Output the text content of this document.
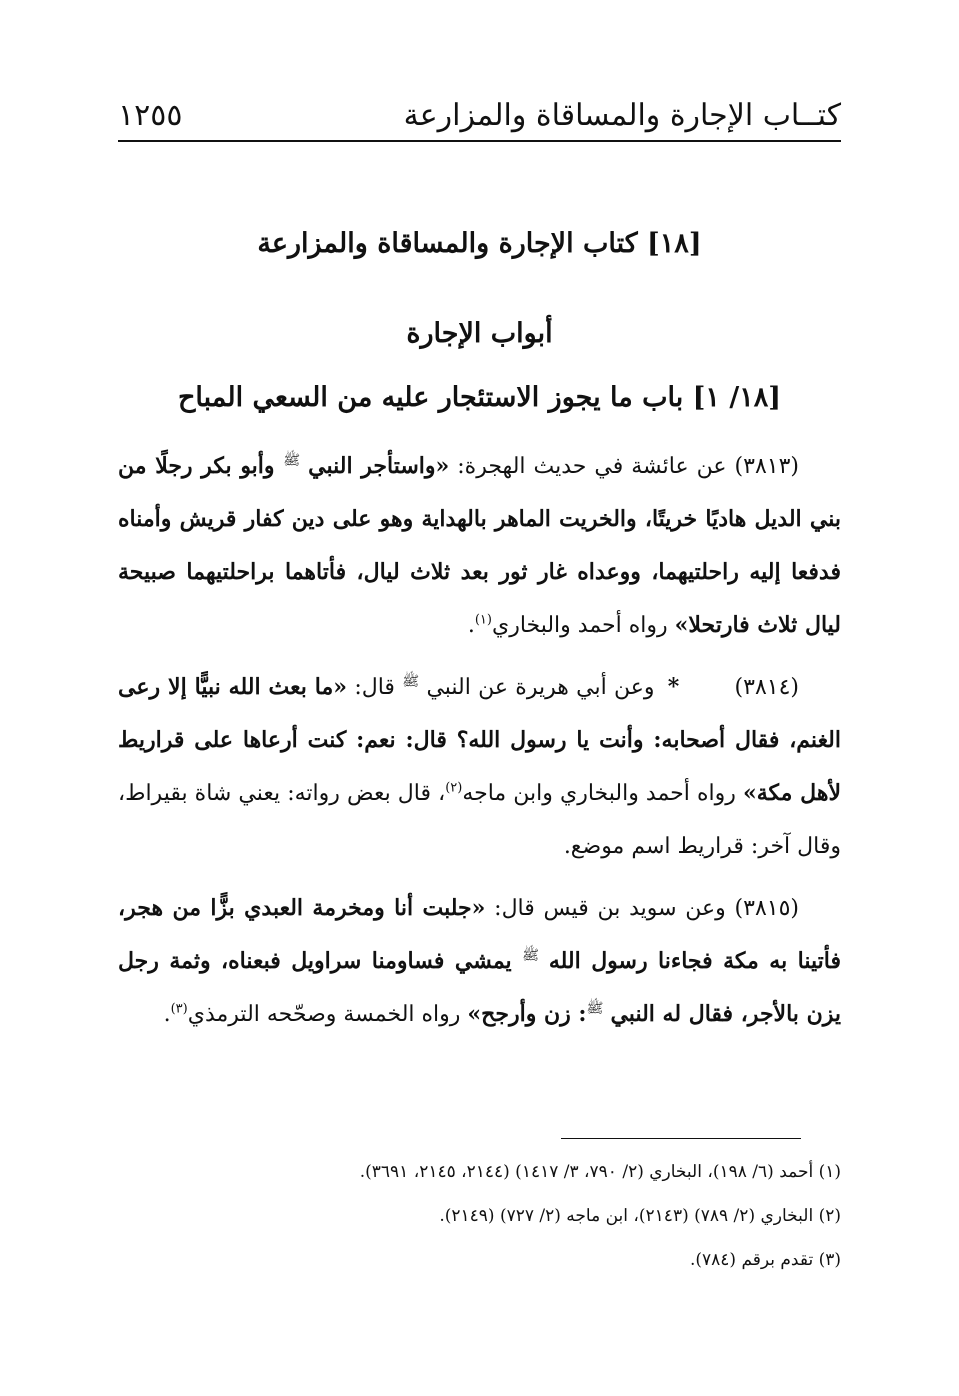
كتــاب الإجارة والمساقاة والمزارعة
١٢٥٥
[١٨] كتاب الإجارة والمساقاة والمزارعة
أبواب الإجارة
[١٨/ ١] باب ما يجوز الاستئجار عليه من السعي المباح

(٣٨١٣) عن عائشة في حديث الهجرة: «واستأجر النبي $^ﷺ$ وأبو بكر رجلًا من بني الديل هاديًا خريتًا، والخريت الماهر بالهداية وهو على دين كفار قريش وأمناه فدفعا إليه راحلتيهما، ووعداه غار ثور بعد ثلاث ليال، فأتاهما براحلتيهما صبيحة ليال ثلاث فارتحلا» رواه أحمد والبخاري$^{(١)}$.

(٣٨١٤) * وعن أبي هريرة عن النبي $^ﷺ$ قال: «ما بعث الله نبيًّا إلا رعى الغنم، فقال أصحابه: وأنت يا رسول الله؟ قال: نعم: كنت أرعاها على قراريط لأهل مكة» رواه أحمد والبخاري وابن ماجه$^{(٢)}$، قال بعض رواته: يعني شاة بقيراط، وقال آخر: قراريط اسم موضع.

(٣٨١٥) وعن سويد بن قيس قال: «جلبت أنا ومخرمة العبدي بزًّا من هجر، فأتينا به مكة فجاءنا رسول الله $^ﷺ$ يمشي فساومنا سراويل فبعناه، وثمة رجل يزن بالأجر، فقال له النبي $^ﷺ$: زن وأرجح» رواه الخمسة وصحّحه الترمذي$^{(٣)}$.

(١) أحمد (٦/ ١٩٨)، البخاري (٢/ ٧٩٠، ٣/ ١٤١٧) (٢١٤٤، ٢١٤٥، ٣٦٩١).

(٢) البخاري (٢/ ٧٨٩) (٢١٤٣)، ابن ماجه (٢/ ٧٢٧) (٢١٤٩).

(٣) تقدم برقم (٧٨٤).
